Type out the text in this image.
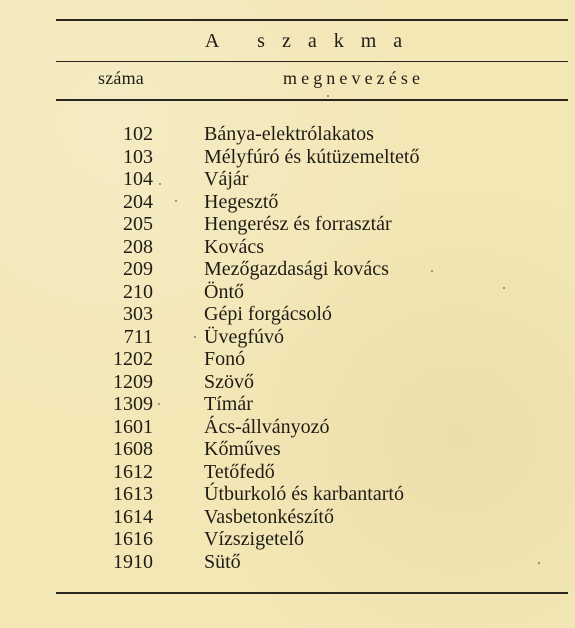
A szakma
száma	megnevezése
102	Bánya-elektrólakatos
103	Mélyfúró és kútüzemeltető
104	Vájár
204	Hegesztő
205	Hengerész és forrasztár
208	Kovács
209	Mezőgazdasági kovács
210	Öntő
303	Gépi forgácsoló
711	Üvegfúvó
1202	Fonó
1209	Szövő
1309	Tímár
1601	Ács-állványozó
1608	Kőműves
1612	Tetőfedő
1613	Útburkoló és karbantartó
1614	Vasbetonkészítő
1616	Vízszigetelő
1910	Sütő
